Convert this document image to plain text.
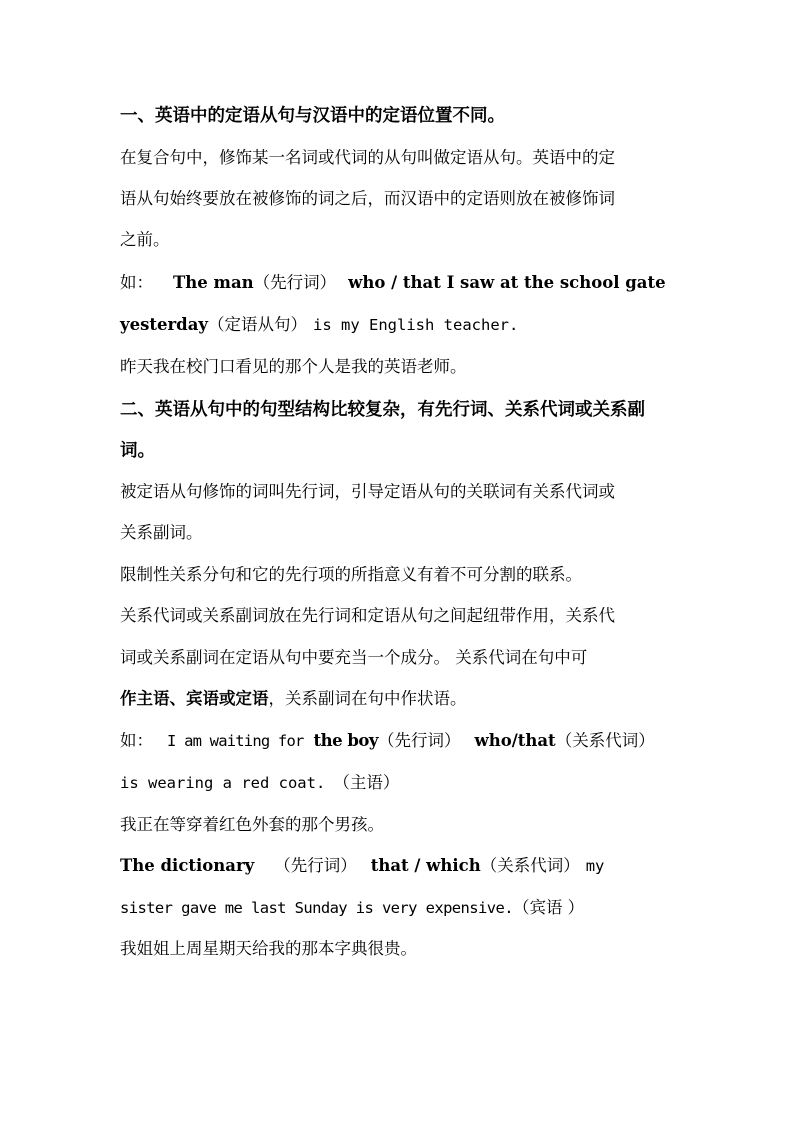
一、英语中的定语从句与汉语中的定语位置不同。
在复合句中，修饰某一名词或代词的从句叫做定语从句。英语中的定
语从句始终要放在被修饰的词之后，而汉语中的定语则放在被修饰词
之前。
如： The man（先行词） who / that I saw at the school gate
yesterday（定语从句） is my English teacher.
昨天我在校门口看见的那个人是我的英语老师。
二、英语从句中的句型结构比较复杂，有先行词、关系代词或关系副
词。
被定语从句修饰的词叫先行词，引导定语从句的关联词有关系代词或
关系副词。
限制性关系分句和它的先行项的所指意义有着不可分割的联系。
关系代词或关系副词放在先行词和定语从句之间起纽带作用，关系代
词或关系副词在定语从句中要充当一个成分。 关系代词在句中可
作主语、宾语或定语，关系副词在句中作状语。
如： I am waiting for the boy（先行词） who/that（关系代词）
is wearing a red coat. （主语）
我正在等穿着红色外套的那个男孩。
The dictionary （先行词） that / which（关系代词） my
sister gave me last Sunday is very expensive.（宾语 ）
我姐姐上周星期天给我的那本字典很贵。
